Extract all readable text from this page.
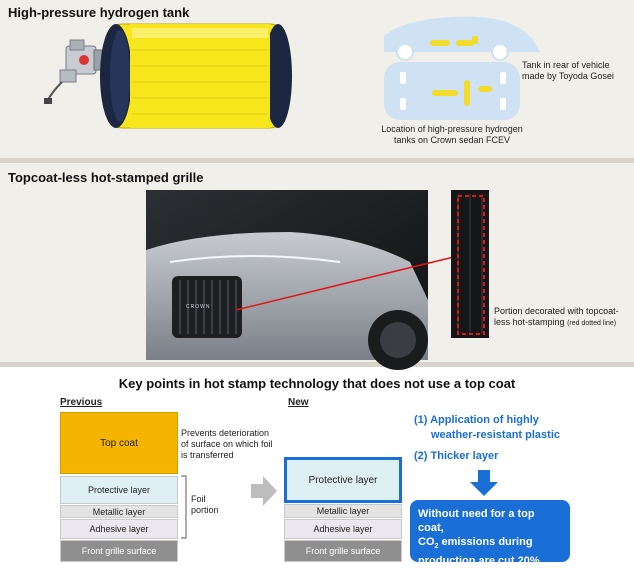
High-pressure hydrogen tank
Tank in rear of vehicle made by Toyoda Gosei
Location of high-pressure hydrogen tanks on Crown sedan FCEV
Topcoat-less hot-stamped grille
CROWN	Portion decorated with topcoat-less hot-stamping (red dotted line)
Key points in hot stamp technology that does not use a top coat
Previous	New
Top coat
Protective layer
Metallic layer
Adhesive layer
Front grille surface
Prevents deterioration of surface on which foil is transferred
Foil portion
Protective layer
Metallic layer
Adhesive layer
Front grille surface
(1) Application of highly
weather-resistant plastic
(2) Thicker layer
Without need for a top coat,
$CO_2$ emissions during
production are cut 20%
